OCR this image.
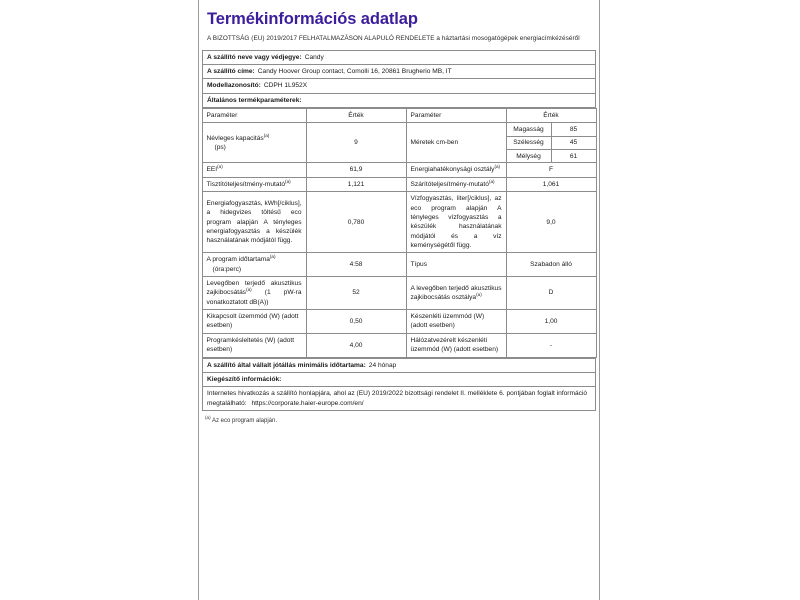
Termékinformációs adatlap
A BIZOTTSÁG (EU) 2019/2017 FELHATALMAZÁSON ALAPULÓ RENDELETE a háztartási mosogatógépek energiacímkézéséről
A szállító neve vagy védjegye: Candy
A szállító címe: Candy Hoover Group contact, Comolli 16, 20861 Brugherio MB, IT
Modellazonosító: CDPH 1L952X
Általános termékparaméterek:
Paraméter	Érték	Paraméter	Érték
Névleges kapacitás$^{(a)}$
(ps)	9	Méretek cm-ben	
Magasság	85
Szélesség	45
Mélység	61

EEI$^{(a)}$	61,9	Energiahatékonysági osztály$^{(a)}$	F
Tisztítóteljesítmény-mutató$^{(a)}$	1,121	Szárítóteljesítmény-mutató$^{(a)}$	1,061
Energiafogyasztás, kWh[/ciklus], a hidegvizes töltésű eco program alapján A tényleges energiafogyasztás a készülék használatának módjától függ.	0,780	Vízfogyasztás, liter[/ciklus], az eco program alapján A tényleges vízfogyasztás a készülék használatának módjától és a víz keménységétől függ.	9,0
A program időtartama$^{(a)}$
(óra:perc)	4:58	Típus	Szabadon álló
Levegőben terjedő akusztikus zajkibocsátás$^{(a)}$ (1 pW-ra vonatkoztatott dB(A))	52	A levegőben terjedő akusztikus zajkibocsátás osztálya$^{(a)}$	D
Kikapcsolt üzemmód (W) (adott esetben)	0,50	Készenléti üzemmód (W) (adott esetben)	1,00
Programkésleltetés (W) (adott esetben)	4,00	Hálózatvezérelt készenléti üzemmód (W) (adott esetben)	-
A szállító által vállalt jótállás minimális időtartama: 24 hónap
Kiegészítő információk:
Internetes hivatkozás a szállító honlapjára, ahol az (EU) 2019/2022 bizottsági rendelet II. melléklete 6. pontjában foglalt információ megtalálható: https://corporate.haier-europe.com/en/
$^{(a)}$ Az eco program alapján.
